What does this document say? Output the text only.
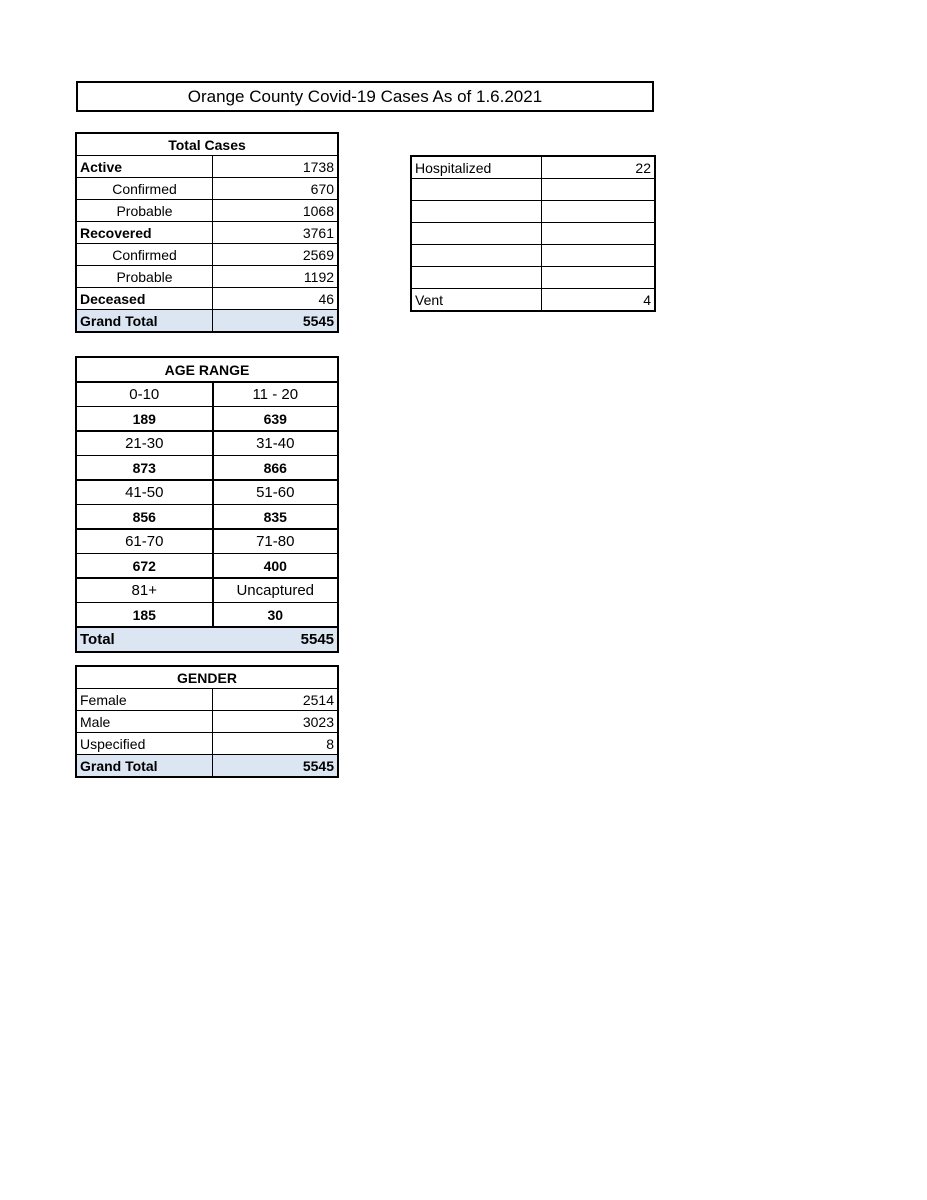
Orange County Covid-19 Cases As of 1.6.2021
Total Cases	
Active	1738
Confirmed	670
Probable	1068
Recovered	3761
Confirmed	2569
Probable	1192
Deceased	46
Grand Total	5545
Hospitalized	22

Vent	4
AGE RANGE	
0-10	11 - 20
189	639
21-30	31-40
873	866
41-50	51-60
856	835
61-70	71-80
672	400
81+	Uncaptured
185	30
Total	5545
GENDER	
Female	2514
Male	3023
Uspecified	8
Grand Total	5545
